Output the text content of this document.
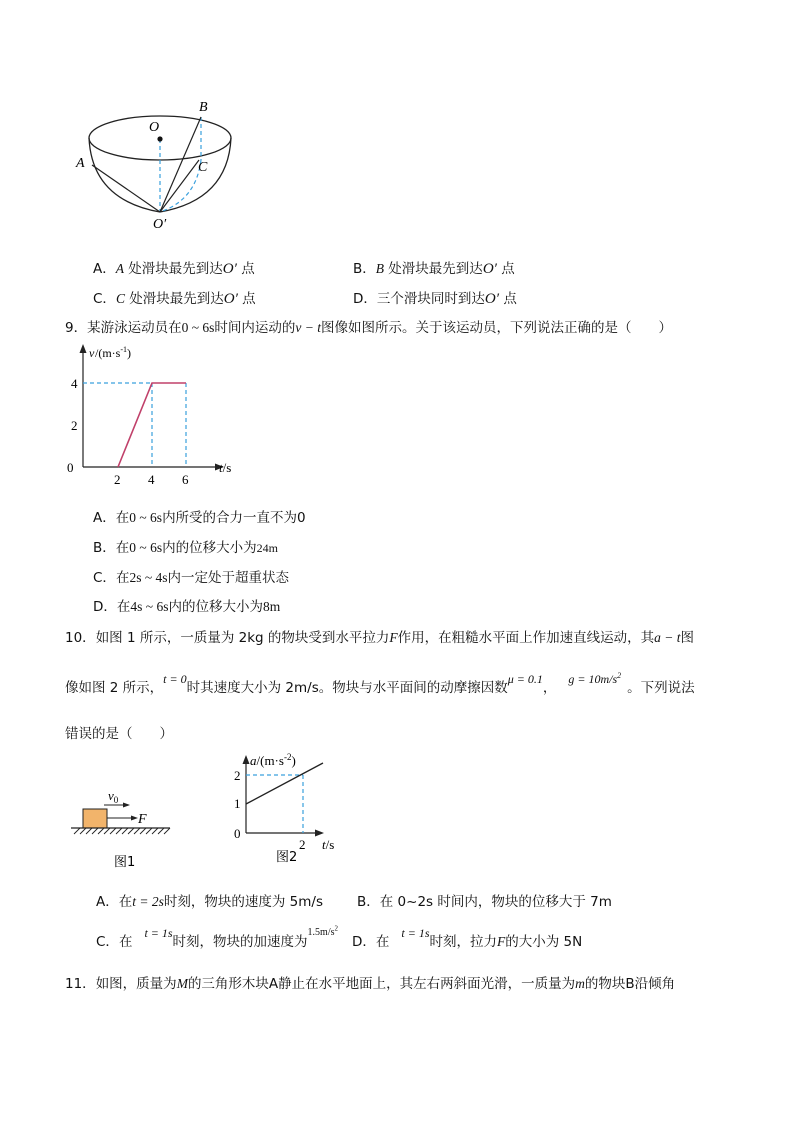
B
O
A	C
O′
A．A 处滑块最先到达O′ 点	B．B 处滑块最先到达O′ 点
C．C 处滑块最先到达O′ 点	D．三个滑块同时到达O′ 点
9．某游泳运动员在0 ~ 6s时间内运动的v − t图像如图所示。关于该运动员，下列说法正确的是（　　）
v $/(m\cdot s^{-1})$
4
2
0
2 4 6
t/s
A．在0 ~ 6s内所受的合力一直不为0
B．在0 ~ 6s内的位移大小为24m
C．在2s ~ 4s内一定处于超重状态
D．在4s ~ 6s内的位移大小为8m
10．如图 1 所示，一质量为 2kg 的物块受到水平拉力F作用，在粗糙水平面上作加速直线运动，其a − t图
像如图 2 所示，t = 0时其速度大小为 2m/s。物块与水平面间的动摩擦因数μ = 0.1，$g = 10m/s^2$。下列说法
错误的是（　　）
$v_0$
F
图1
$a/(m\cdot s^{-2})$
2
1
0
2 t/s
图2
A．在t = 2s时刻，物块的速度为 5m/s	B．在 0~2s 时间内，物块的位移大于 7m
C．在t = 1s时刻，物块的加速度为$^{1.5m/s^2}$
D．在t = 1s时刻，拉力F的大小为 5N
11．如图，质量为M的三角形木块A静止在水平地面上，其左右两斜面光滑，一质量为m的物块B沿倾角
